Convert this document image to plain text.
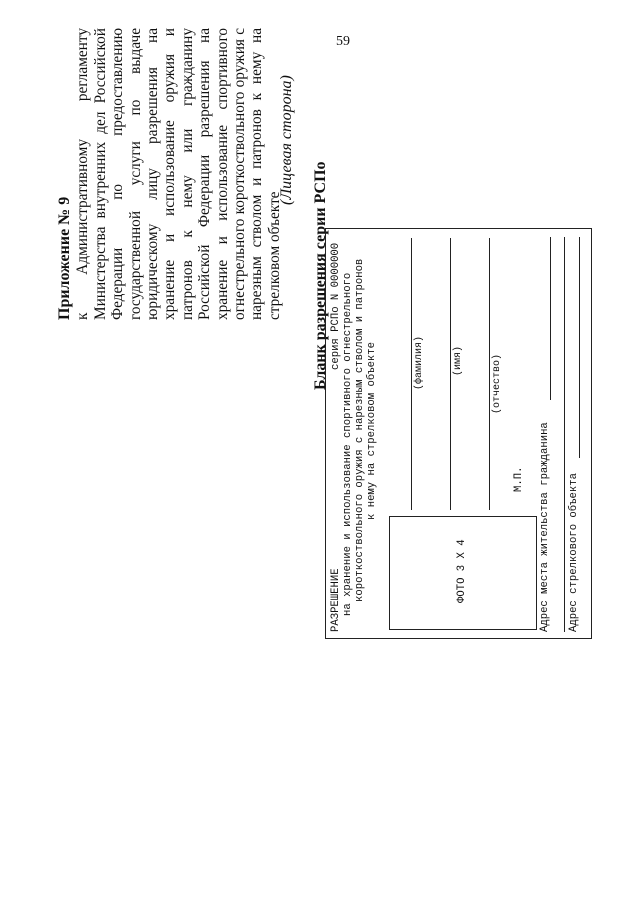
59
Приложение № 9 к Административному регламенту Министерства внутренних дел Российской Федерации по предоставлению государственной услуги по выдаче юридическому лицу разрешения на хранение и использование оружия и патронов к нему или гражданину Российской Федерации разрешения на хранение и использование спортивного огнестрельного короткоствольного оружия с нарезным стволом и патронов к нему на стрелковом объекте
(Лицевая сторона)
Бланк разрешения серии РСПо
РАЗРЕШЕНИЕ
серия РСПо N 0000000 на хранение и использование спортивного огнестрельного короткоствольного оружия с нарезным стволом и патронов к нему на стрелковом объекте
ФОТО 3 Х 4
(фамилия)	(имя)	(отчество)
М.П. Адрес места жительства гражданина Адрес стрелкового объекта
